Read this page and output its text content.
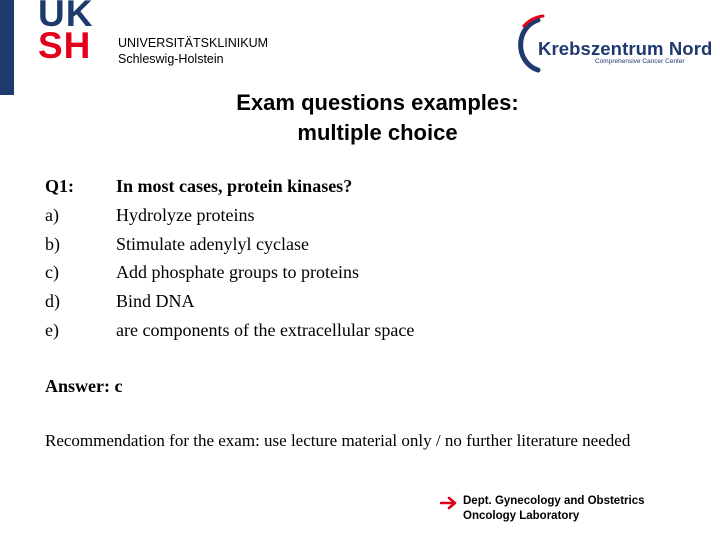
UK
SH	UNIVERSITÄTSKLINIKUM
Schleswig-Holstein	Krebszentrum Nord
Comprehensive Cancer Center
Exam questions examples:
multiple choice
Q1: In most cases, protein kinases?
a)	Hydrolyze proteins
b)	Stimulate adenylyl cyclase
c)	Add phosphate groups to proteins
d)	Bind DNA
e)	are components of the extracellular space
Answer: c
Recommendation for the exam: use lecture material only / no further literature needed
Dept. Gynecology and Obstetrics
Oncology Laboratory
